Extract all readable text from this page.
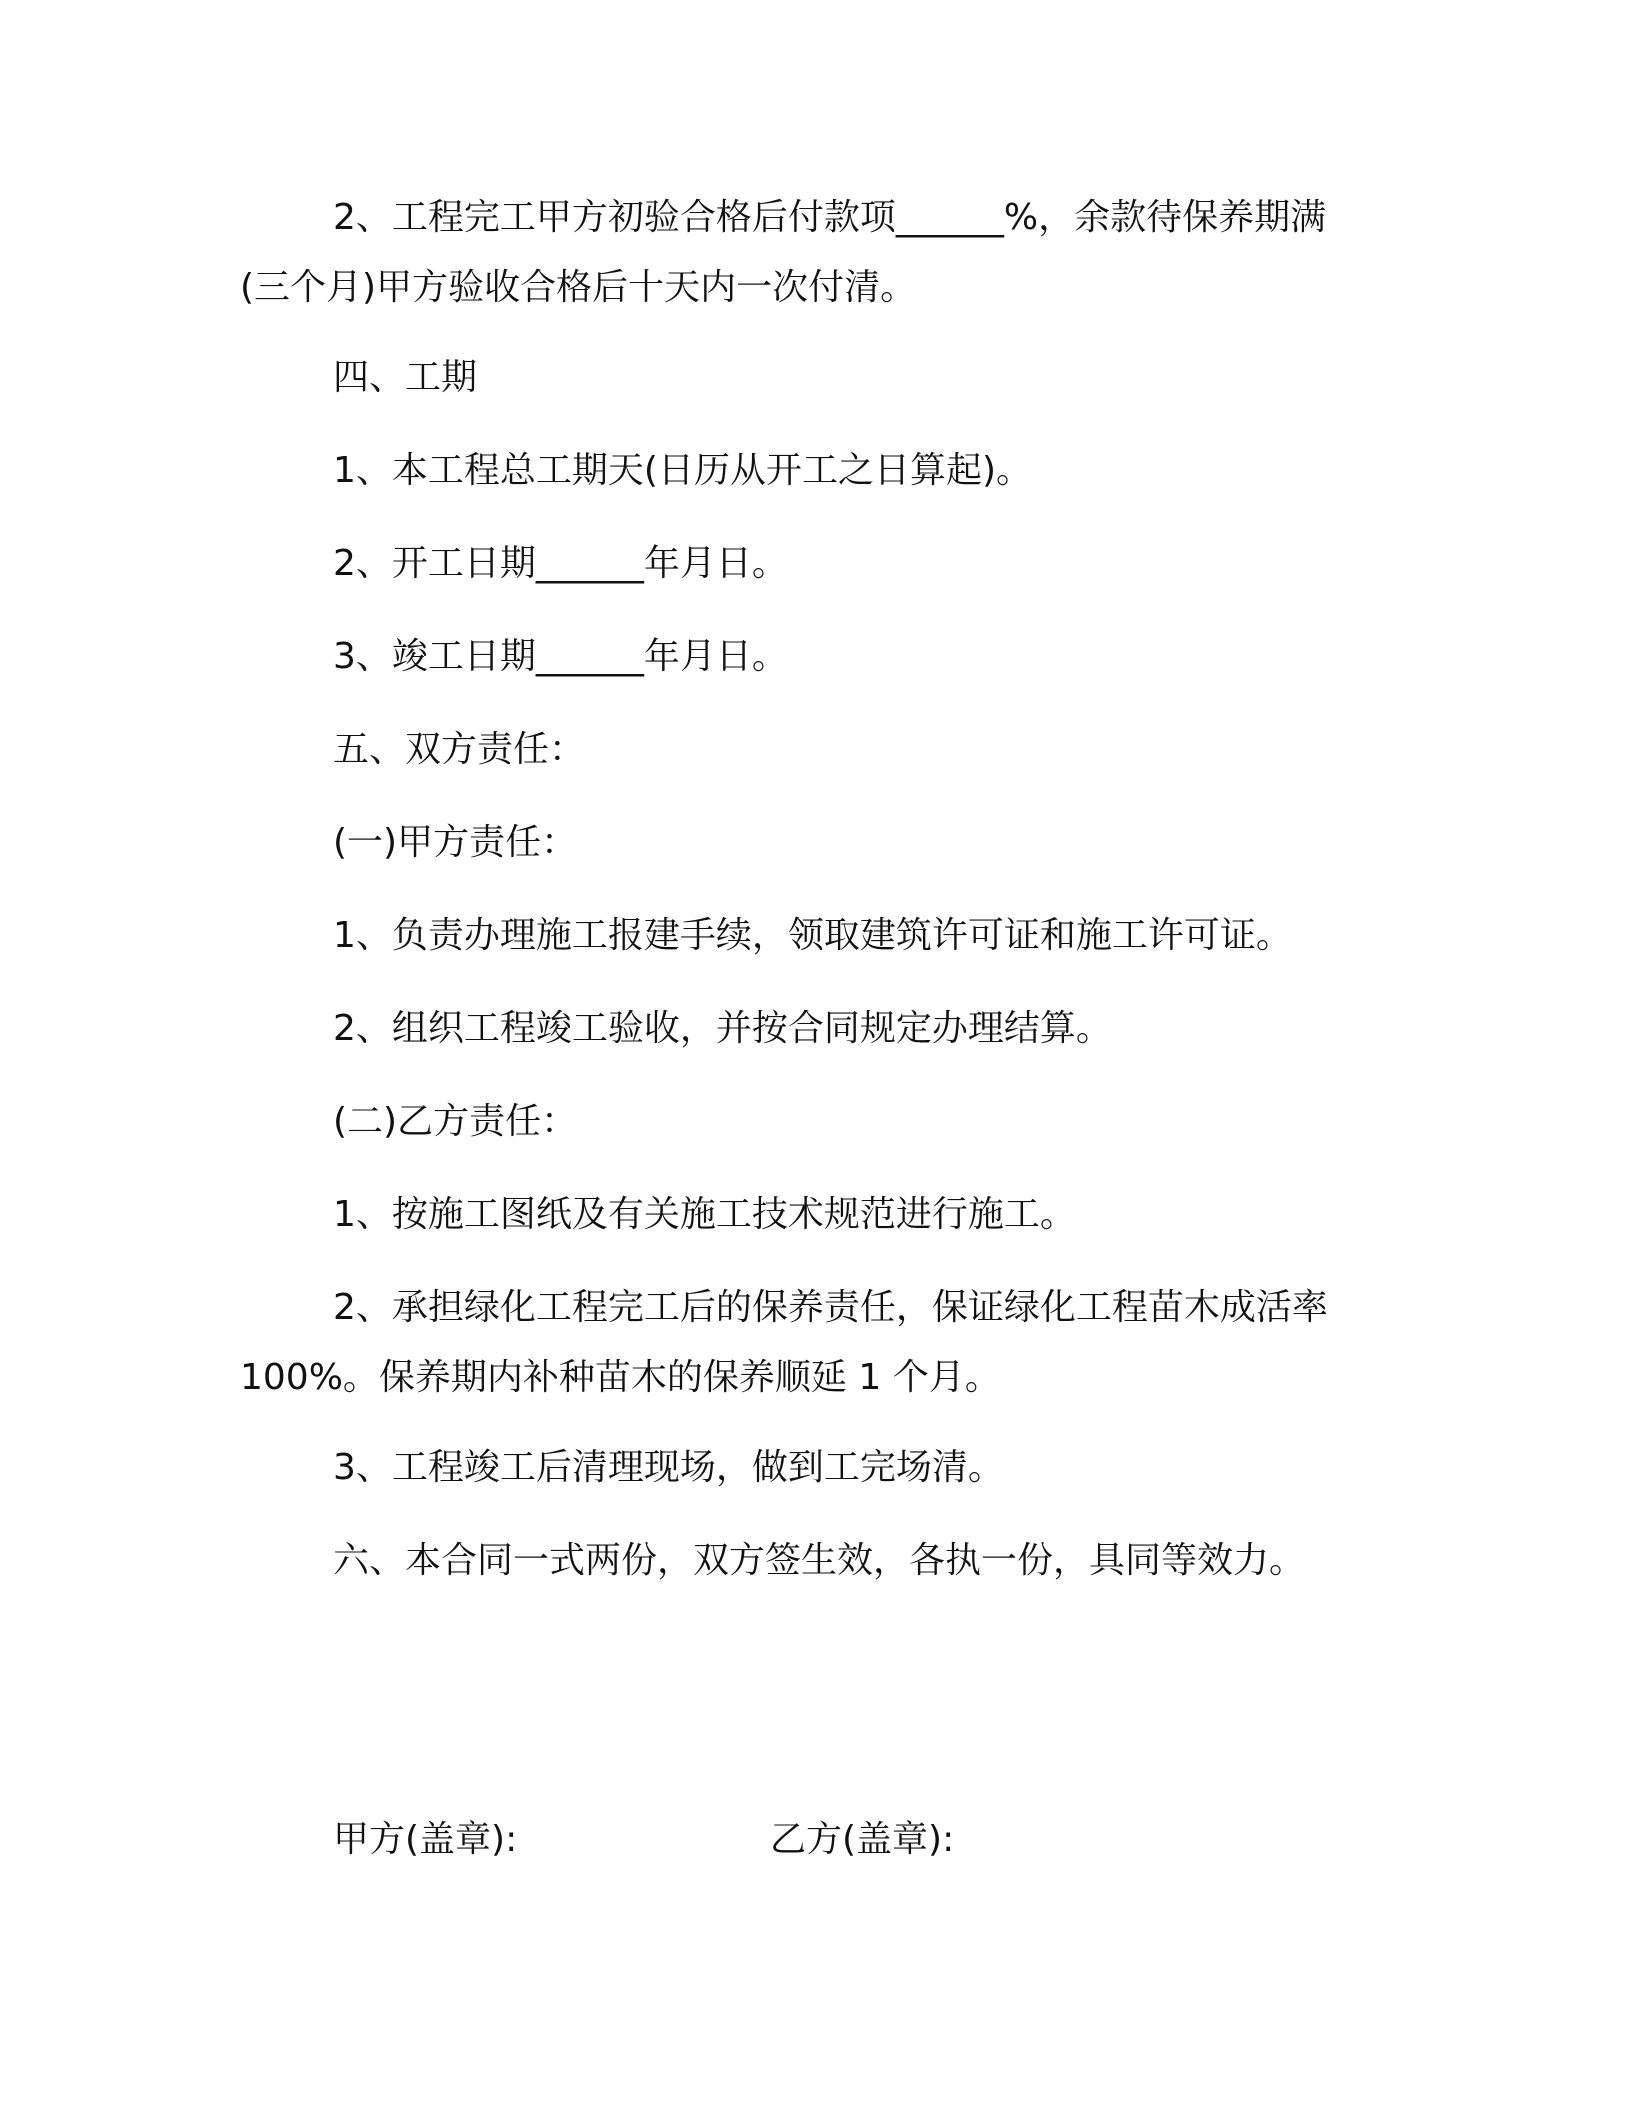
2、工程完工甲方初验合格后付款项______%，余款待保养期满
(三个月)甲方验收合格后十天内一次付清。
四、工期
1、本工程总工期天(日历从开工之日算起)。
2、开工日期______年月日。
3、竣工日期______年月日。
五、双方责任：
(一)甲方责任：
1、负责办理施工报建手续，领取建筑许可证和施工许可证。
2、组织工程竣工验收，并按合同规定办理结算。
(二)乙方责任：
1、按施工图纸及有关施工技术规范进行施工。
2、承担绿化工程完工后的保养责任，保证绿化工程苗木成活率
100%。保养期内补种苗木的保养顺延 1 个月。
3、工程竣工后清理现场，做到工完场清。
六、本合同一式两份，双方签生效，各执一份，具同等效力。
甲方(盖章):	乙方(盖章):
